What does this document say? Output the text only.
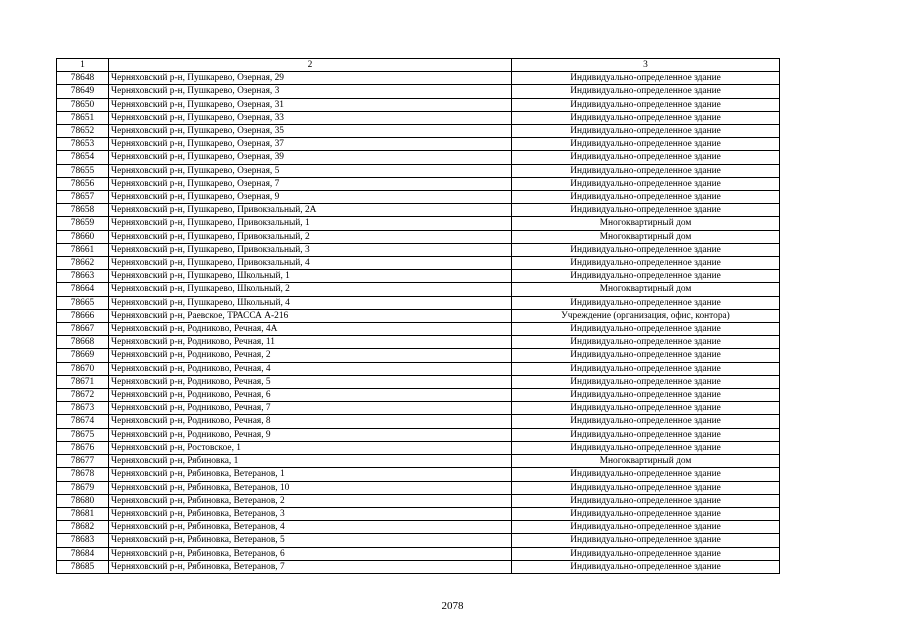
1	2	3
78648	Черняховский р-н, Пушкарево, Озерная, 29	Индивидуально-определенное здание
78649	Черняховский р-н, Пушкарево, Озерная, 3	Индивидуально-определенное здание
78650	Черняховский р-н, Пушкарево, Озерная, 31	Индивидуально-определенное здание
78651	Черняховский р-н, Пушкарево, Озерная, 33	Индивидуально-определенное здание
78652	Черняховский р-н, Пушкарево, Озерная, 35	Индивидуально-определенное здание
78653	Черняховский р-н, Пушкарево, Озерная, 37	Индивидуально-определенное здание
78654	Черняховский р-н, Пушкарево, Озерная, 39	Индивидуально-определенное здание
78655	Черняховский р-н, Пушкарево, Озерная, 5	Индивидуально-определенное здание
78656	Черняховский р-н, Пушкарево, Озерная, 7	Индивидуально-определенное здание
78657	Черняховский р-н, Пушкарево, Озерная, 9	Индивидуально-определенное здание
78658	Черняховский р-н, Пушкарево, Привокзальный, 2А	Индивидуально-определенное здание
78659	Черняховский р-н, Пушкарево, Привокзальный, 1	Многоквартирный дом
78660	Черняховский р-н, Пушкарево, Привокзальный, 2	Многоквартирный дом
78661	Черняховский р-н, Пушкарево, Привокзальный, 3	Индивидуально-определенное здание
78662	Черняховский р-н, Пушкарево, Привокзальный, 4	Индивидуально-определенное здание
78663	Черняховский р-н, Пушкарево, Школьный, 1	Индивидуально-определенное здание
78664	Черняховский р-н, Пушкарево, Школьный, 2	Многоквартирный дом
78665	Черняховский р-н, Пушкарево, Школьный, 4	Индивидуально-определенное здание
78666	Черняховский р-н, Раевское, ТРАССА А-216	Учреждение (организация, офис, контора)
78667	Черняховский р-н, Родниково, Речная, 4А	Индивидуально-определенное здание
78668	Черняховский р-н, Родниково, Речная, 11	Индивидуально-определенное здание
78669	Черняховский р-н, Родниково, Речная, 2	Индивидуально-определенное здание
78670	Черняховский р-н, Родниково, Речная, 4	Индивидуально-определенное здание
78671	Черняховский р-н, Родниково, Речная, 5	Индивидуально-определенное здание
78672	Черняховский р-н, Родниково, Речная, 6	Индивидуально-определенное здание
78673	Черняховский р-н, Родниково, Речная, 7	Индивидуально-определенное здание
78674	Черняховский р-н, Родниково, Речная, 8	Индивидуально-определенное здание
78675	Черняховский р-н, Родниково, Речная, 9	Индивидуально-определенное здание
78676	Черняховский р-н, Ростовское, 1	Индивидуально-определенное здание
78677	Черняховский р-н, Рябиновка, 1	Многоквартирный дом
78678	Черняховский р-н, Рябиновка, Ветеранов, 1	Индивидуально-определенное здание
78679	Черняховский р-н, Рябиновка, Ветеранов, 10	Индивидуально-определенное здание
78680	Черняховский р-н, Рябиновка, Ветеранов, 2	Индивидуально-определенное здание
78681	Черняховский р-н, Рябиновка, Ветеранов, 3	Индивидуально-определенное здание
78682	Черняховский р-н, Рябиновка, Ветеранов, 4	Индивидуально-определенное здание
78683	Черняховский р-н, Рябиновка, Ветеранов, 5	Индивидуально-определенное здание
78684	Черняховский р-н, Рябиновка, Ветеранов, 6	Индивидуально-определенное здание
78685	Черняховский р-н, Рябиновка, Ветеранов, 7	Индивидуально-определенное здание
2078
